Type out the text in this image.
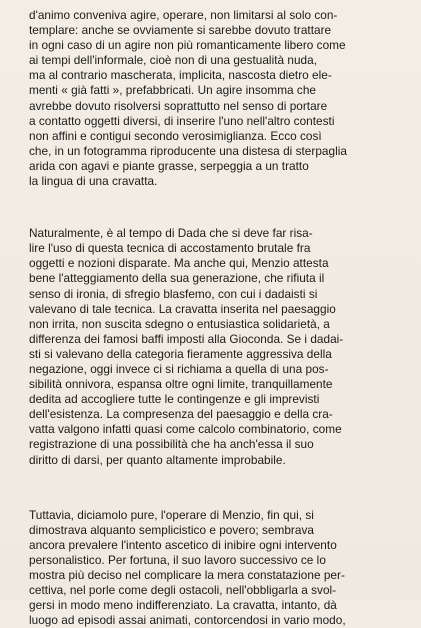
d'animo conveniva agire, operare, non limitarsi al solo con-
templare: anche se ovviamente si sarebbe dovuto trattare
in ogni caso di un agire non più romanticamente libero come
ai tempi dell'informale, cioè non di una gestualità nuda,
ma al contrario mascherata, implicita, nascosta dietro ele-
menti « già fatti », prefabbricati. Un agire insomma che
avrebbe dovuto risolversi soprattutto nel senso di portare
a contatto oggetti diversi, di inserire l'uno nell'altro contesti
non affini e contigui secondo verosimiglianza. Ecco così
che, in un fotogramma riproducente una distesa di sterpaglia
arida con agavi e piante grasse, serpeggia a un tratto
la lingua di una cravatta.
Naturalmente, è al tempo di Dada che si deve far risa-
lire l'uso di questa tecnica di accostamento brutale fra
oggetti e nozioni disparate. Ma anche qui, Menzio attesta
bene l'atteggiamento della sua generazione, che rifiuta il
senso di ironia, di sfregio blasfemo, con cui i dadaisti si
valevano di tale tecnica. La cravatta inserita nel paesaggio
non irrita, non suscita sdegno o entusiastica solidarietà, a
differenza dei famosi baffi imposti alla Gioconda. Se i dadai-
sti si valevano della categoria fieramente aggressiva della
negazione, oggi invece ci si richiama a quella di una pos-
sibilità onnivora, espansa oltre ogni limite, tranquillamente
dedita ad accogliere tutte le contingenze e gli imprevisti
dell'esistenza. La compresenza del paesaggio e della cra-
vatta valgono infatti quasi come calcolo combinatorio, come
registrazione di una possibilità che ha anch'essa il suo
diritto di darsi, per quanto altamente improbabile.
Tuttavia, diciamolo pure, l'operare di Menzio, fin qui, si
dimostrava alquanto semplicistico e povero; sembrava
ancora prevalere l'intento ascetico di inibire ogni intervento
personalistico. Per fortuna, il suo lavoro successivo ce lo
mostra più deciso nel complicare la mera constatazione per-
cettiva, nel porle come degli ostacoli, nell'obbligarla a svol-
gersi in modo meno indifferenziato. La cravatta, intanto, dà
luogo ad episodi assai animati, contorcendosi in vario modo,
